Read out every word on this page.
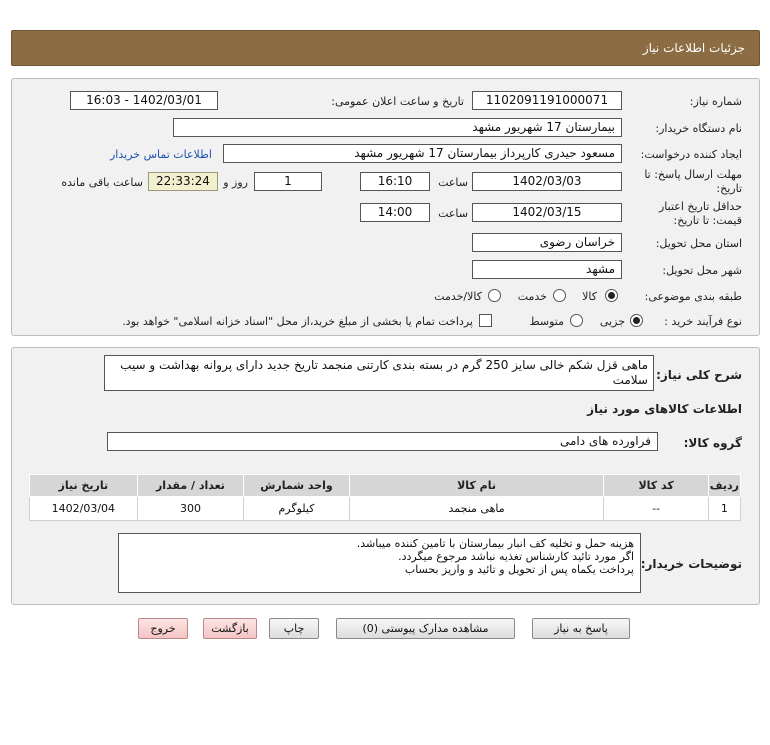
جزئیات اطلاعات نیاز
شماره نیاز:
1102091191000071
تاریخ و ساعت اعلان عمومی:
1402/03/01 - 16:03
نام دستگاه خریدار:
بیمارستان 17 شهریور مشهد
ایجاد کننده درخواست:
مسعود حیدری کارپرداز بیمارستان 17 شهریور مشهد
اطلاعات تماس خریدار
مهلت ارسال پاسخ: تا
تاریخ:
1402/03/03
ساعت
16:10
1
روز و
22:33:24
ساعت باقی مانده
حداقل تاریخ اعتبار
قیمت: تا تاریخ:
1402/03/15
ساعت
14:00
استان محل تحویل:
خراسان رضوی
شهر محل تحویل:
مشهد
طبقه بندی موضوعی:
کالا
خدمت
کالا/خدمت
نوع فرآیند خرید :
جزیی
متوسط
پرداخت تمام یا بخشی از مبلغ خرید،از محل "اسناد خزانه اسلامی" خواهد بود.
شرح کلی نیاز:
ماهی قزل شکم خالی سایز 250 گرم در بسته بندی کارتنی منجمد تاریخ جدید دارای پروانه بهداشت و سیب سلامت
اطلاعات کالاهای مورد نیاز
گروه کالا:
فراورده های دامی
ردیف	کد کالا	نام کالا	واحد شمارش	تعداد / مقدار	تاریخ نیاز
1	--	ماهی منجمد	کیلوگرم	300	1402/03/04
توضیحات خریدار:
هزینه حمل و تخلیه کف انبار بیمارستان با تامین کننده میباشد.
اگر مورد تائید کارشناس تغذیه نباشد مرجوع میگردد.
پرداخت یکماه پس از تحویل و تائید و واریز بحساب
پاسخ به نیاز
مشاهده مدارک پیوستی (0)
چاپ
بازگشت
خروج
